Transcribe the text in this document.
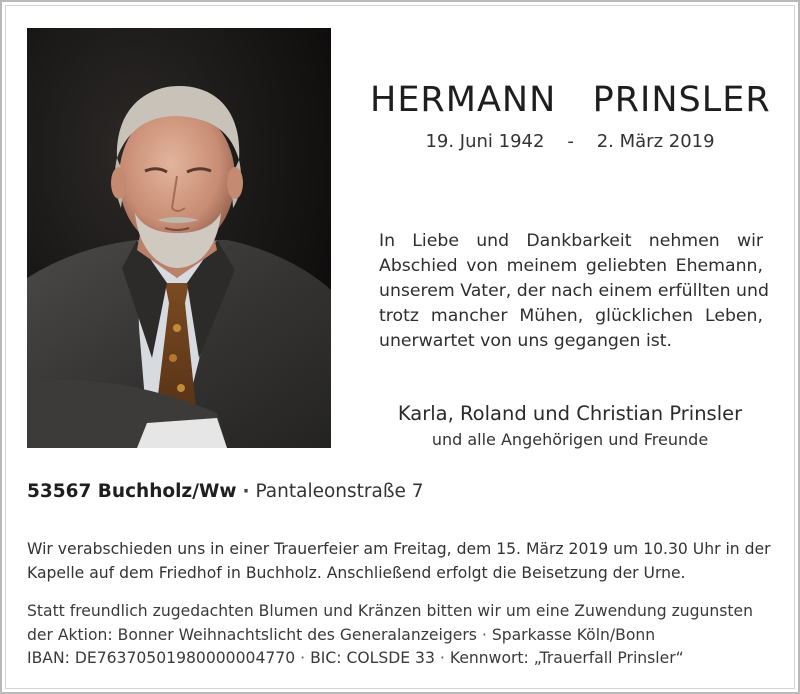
HERMANN   PRINSLER
19. Juni 1942    -    2. März 2019
In Liebe und Dankbarkeit nehmen wir
Abschied von meinem geliebten Ehemann,
unserem Vater, der nach einem erfüllten und
trotz mancher Mühen, glücklichen Leben,
unerwartet von uns gegangen ist.
Karla, Roland und Christian Prinsler
und alle Angehörigen und Freunde
53567 Buchholz/Ww · Pantaleonstraße 7
Wir verabschieden uns in einer Trauerfeier am Freitag, dem 15. März 2019 um 10.30 Uhr in der
Kapelle auf dem Friedhof in Buchholz. Anschließend erfolgt die Beisetzung der Urne.
Statt freundlich zugedachten Blumen und Kränzen bitten wir um eine Zuwendung zugunsten
der Aktion: Bonner Weihnachtslicht des Generalanzeigers · Sparkasse Köln/Bonn
IBAN: DE76370501980000004770 · BIC: COLSDE 33 · Kennwort: „Trauerfall Prinsler“
